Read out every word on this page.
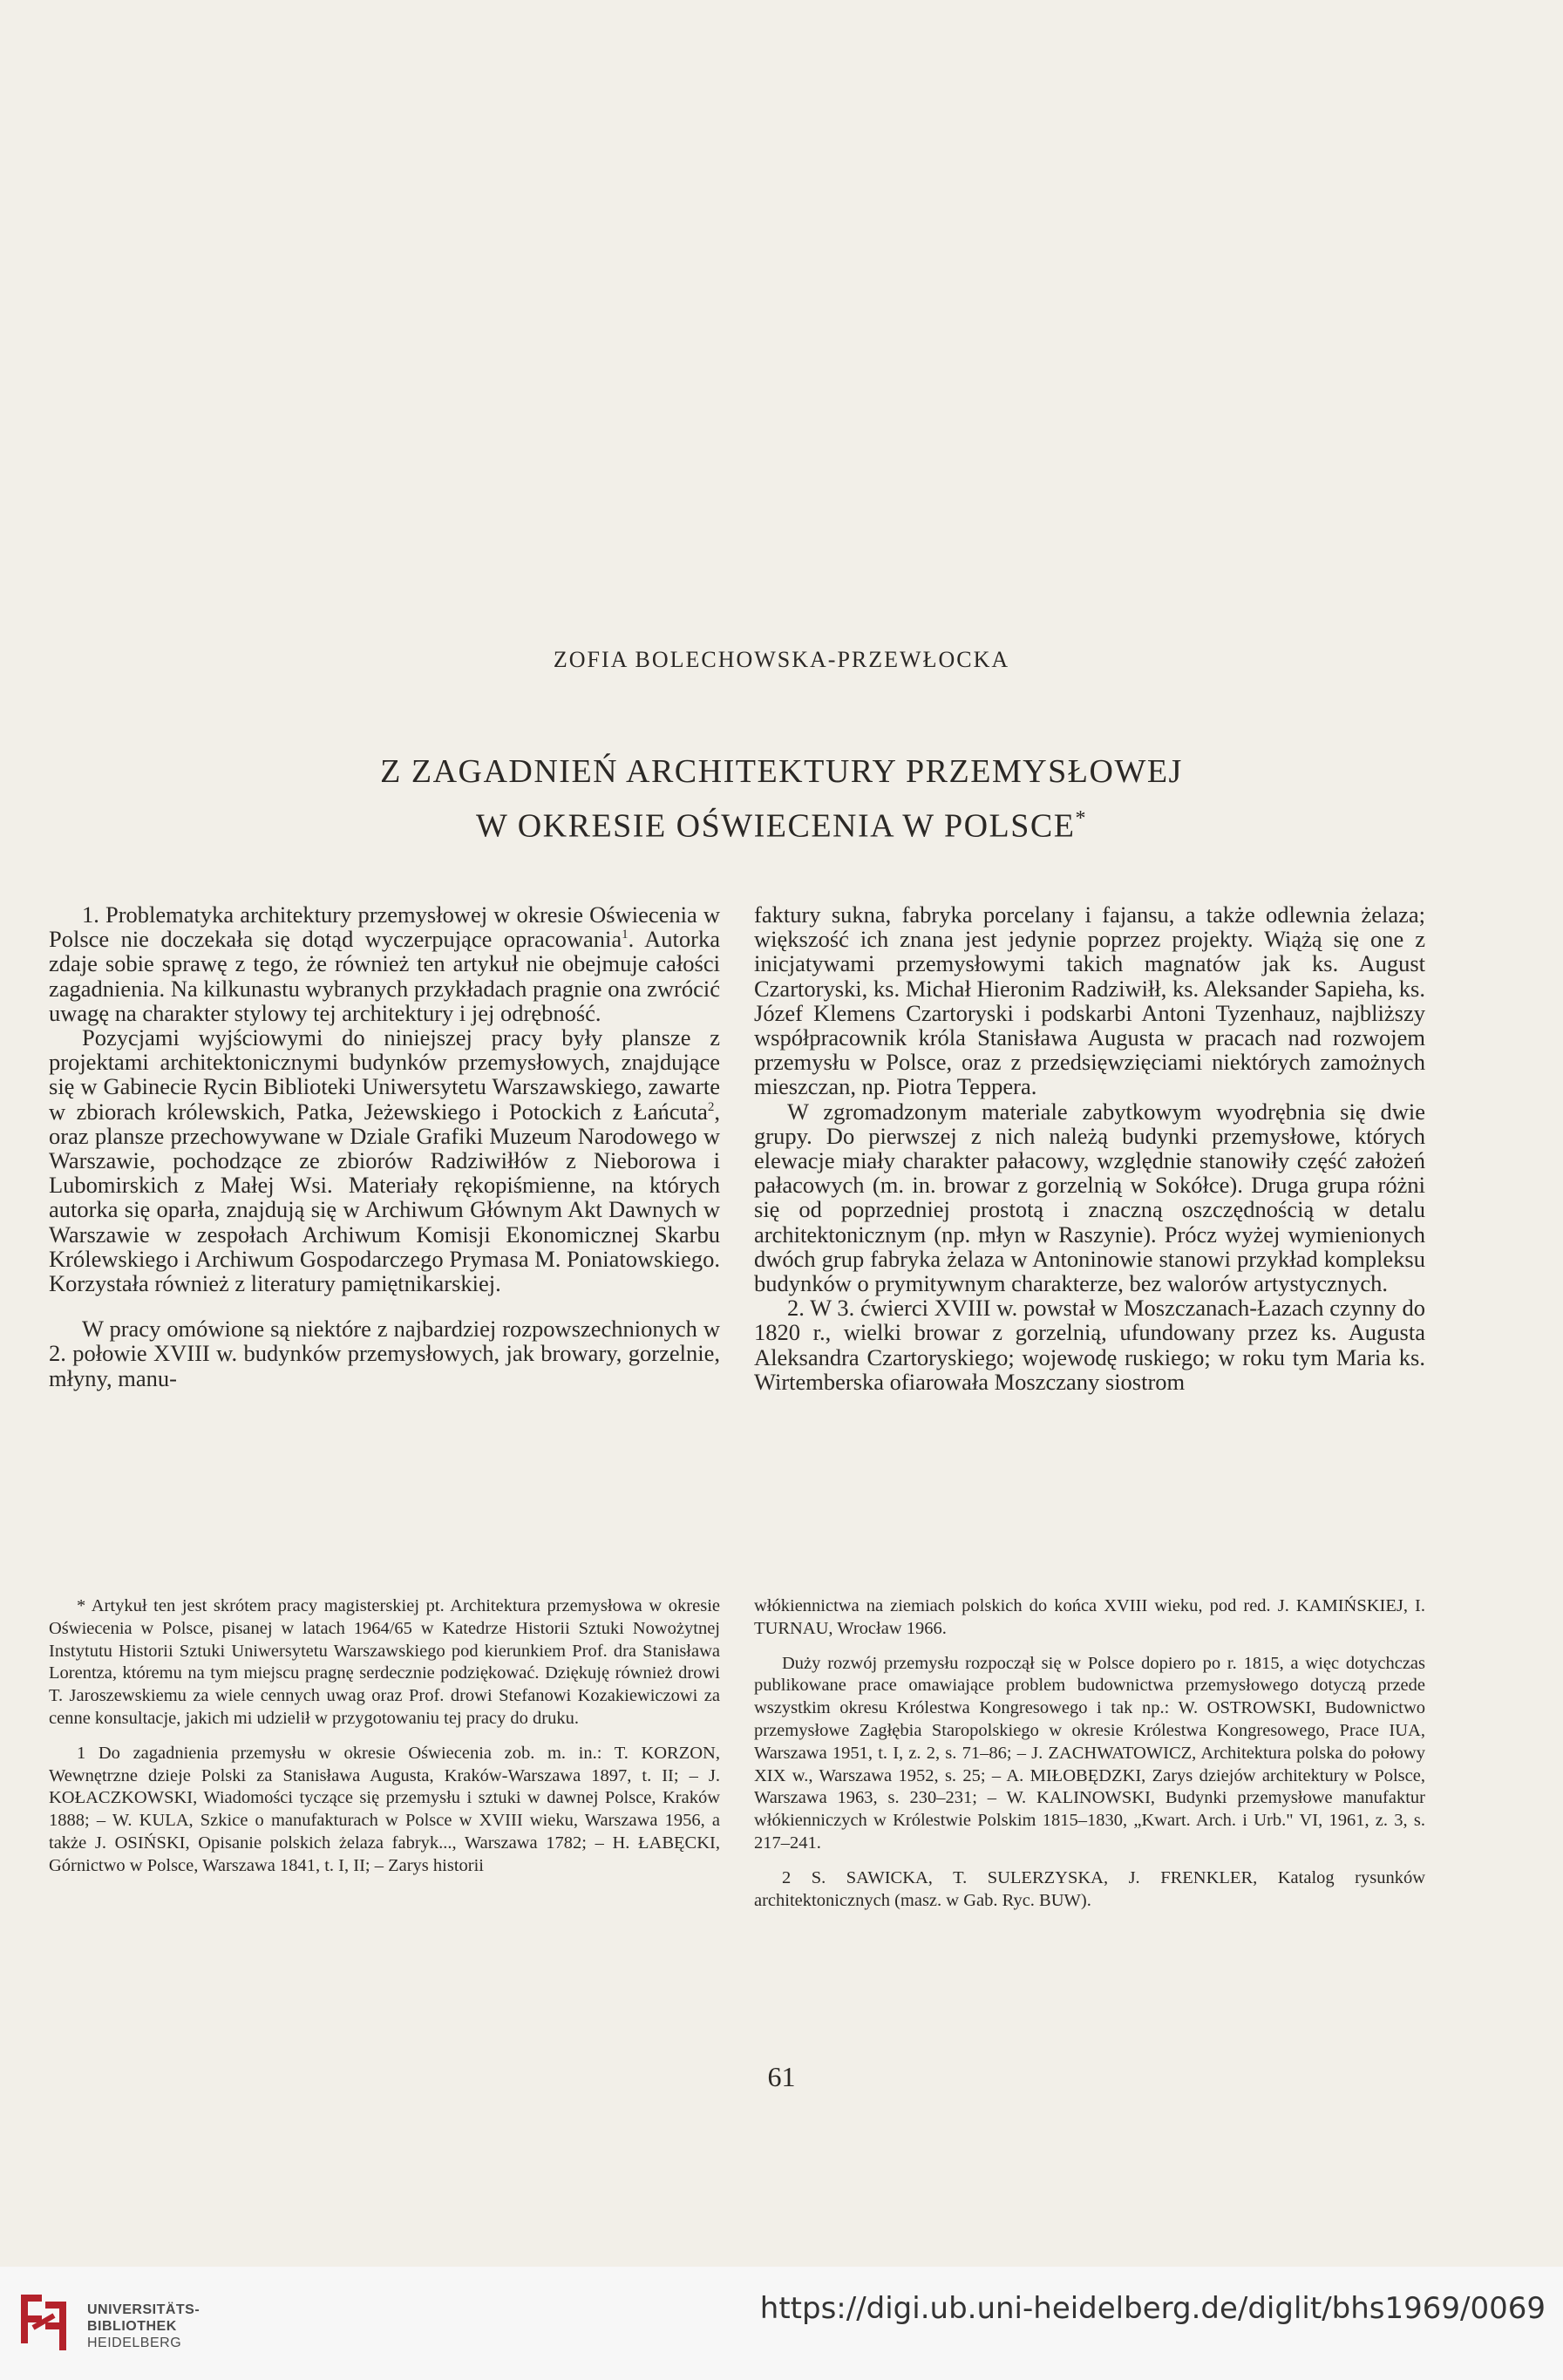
ZOFIA BOLECHOWSKA-PRZEWŁOCKA
Z ZAGADNIEŃ ARCHITEKTURY PRZEMYSŁOWEJ
W OKRESIE OŚWIECENIA W POLSCE*

1. Problematyka architektury przemysłowej w okresie Oświecenia w Polsce nie doczekała się dotąd wyczerpujące opracowania$^1$. Autorka zdaje sobie sprawę z tego, że również ten artykuł nie obejmuje całości zagadnienia. Na kilkunastu wybranych przykładach pragnie ona zwrócić uwagę na charakter stylowy tej architektury i jej odrębność.

Pozycjami wyjściowymi do niniejszej pracy były plansze z projektami architektonicznymi budynków przemysłowych, znajdujące się w Gabinecie Rycin Biblioteki Uniwersytetu Warszawskiego, zawarte w zbiorach królewskich, Patka, Jeżewskiego i Potockich z Łańcuta$^2$, oraz plansze przechowywane w Dziale Grafiki Muzeum Narodowego w Warszawie, pochodzące ze zbiorów Radziwiłłów z Nieborowa i Lubomirskich z Małej Wsi. Materiały rękopiśmienne, na których autorka się oparła, znajdują się w Archiwum Głównym Akt Dawnych w Warszawie w zespołach Archiwum Komisji Ekonomicznej Skarbu Królewskiego i Archiwum Gospodarczego Prymasa M. Poniatowskiego. Korzystała również z literatury pamiętnikarskiej.

W pracy omówione są niektóre z najbardziej rozpowszechnionych w 2. połowie XVIII w. budynków przemysłowych, jak browary, gorzelnie, młyny, manu-

faktury sukna, fabryka porcelany i fajansu, a także odlewnia żelaza; większość ich znana jest jedynie poprzez projekty. Wiążą się one z inicjatywami przemysłowymi takich magnatów jak ks. August Czartoryski, ks. Michał Hieronim Radziwiłł, ks. Aleksander Sapieha, ks. Józef Klemens Czartoryski i podskarbi Antoni Tyzenhauz, najbliższy współpracownik króla Stanisława Augusta w pracach nad rozwojem przemysłu w Polsce, oraz z przedsięwzięciami niektórych zamożnych mieszczan, np. Piotra Teppera.

W zgromadzonym materiale zabytkowym wyodrębnia się dwie grupy. Do pierwszej z nich należą budynki przemysłowe, których elewacje miały charakter pałacowy, względnie stanowiły część założeń pałacowych (m. in. browar z gorzelnią w Sokółce). Druga grupa różni się od poprzedniej prostotą i znaczną oszczędnością w detalu architektonicznym (np. młyn w Raszynie). Prócz wyżej wymienionych dwóch grup fabryka żelaza w Antoninowie stanowi przykład kompleksu budynków o prymitywnym charakterze, bez walorów artystycznych.

2. W 3. ćwierci XVIII w. powstał w Moszczanach-Łazach czynny do 1820 r., wielki browar z gorzelnią, ufundowany przez ks. Augusta Aleksandra Czartoryskiego; wojewodę ruskiego; w roku tym Maria ks. Wirtemberska ofiarowała Moszczany siostrom

* Artykuł ten jest skrótem pracy magisterskiej pt. Architektura przemysłowa w okresie Oświecenia w Polsce, pisanej w latach 1964/65 w Katedrze Historii Sztuki Nowożytnej Instytutu Historii Sztuki Uniwersytetu Warszawskiego pod kierunkiem Prof. dra Stanisława Lorentza, któremu na tym miejscu pragnę serdecznie podziękować. Dziękuję również drowi T. Jaroszewskiemu za wiele cennych uwag oraz Prof. drowi Stefanowi Kozakiewiczowi za cenne konsultacje, jakich mi udzielił w przygotowaniu tej pracy do druku.

1 Do zagadnienia przemysłu w okresie Oświecenia zob. m. in.: T. KORZON, Wewnętrzne dzieje Polski za Stanisława Augusta, Kraków-Warszawa 1897, t. II; – J. KOŁACZKOWSKI, Wiadomości tyczące się przemysłu i sztuki w dawnej Polsce, Kraków 1888; – W. KULA, Szkice o manufakturach w Polsce w XVIII wieku, Warszawa 1956, a także J. OSIŃSKI, Opisanie polskich żelaza fabryk..., Warszawa 1782; – H. ŁABĘCKI, Górnictwo w Polsce, Warszawa 1841, t. I, II; – Zarys historii

włókiennictwa na ziemiach polskich do końca XVIII wieku, pod red. J. KAMIŃSKIEJ, I. TURNAU, Wrocław 1966.

Duży rozwój przemysłu rozpoczął się w Polsce dopiero po r. 1815, a więc dotychczas publikowane prace omawiające problem budownictwa przemysłowego dotyczą przede wszystkim okresu Królestwa Kongresowego i tak np.: W. OSTROWSKI, Budownictwo przemysłowe Zagłębia Staropolskiego w okresie Królestwa Kongresowego, Prace IUA, Warszawa 1951, t. I, z. 2, s. 71–86; – J. ZACHWATOWICZ, Architektura polska do połowy XIX w., Warszawa 1952, s. 25; – A. MIŁOBĘDZKI, Zarys dziejów architektury w Polsce, Warszawa 1963, s. 230–231; – W. KALINOWSKI, Budynki przemysłowe manufaktur włókienniczych w Królestwie Polskim 1815–1830, „Kwart. Arch. i Urb." VI, 1961, z. 3, s. 217–241.

2 S. SAWICKA, T. SULERZYSKA, J. FRENKLER, Katalog rysunków architektonicznych (masz. w Gab. Ryc. BUW).

61
UNIVERSITÄTS-
BIBLIOTHEK
HEIDELBERG
https://digi.ub.uni-heidelberg.de/diglit/bhs1969/0069
